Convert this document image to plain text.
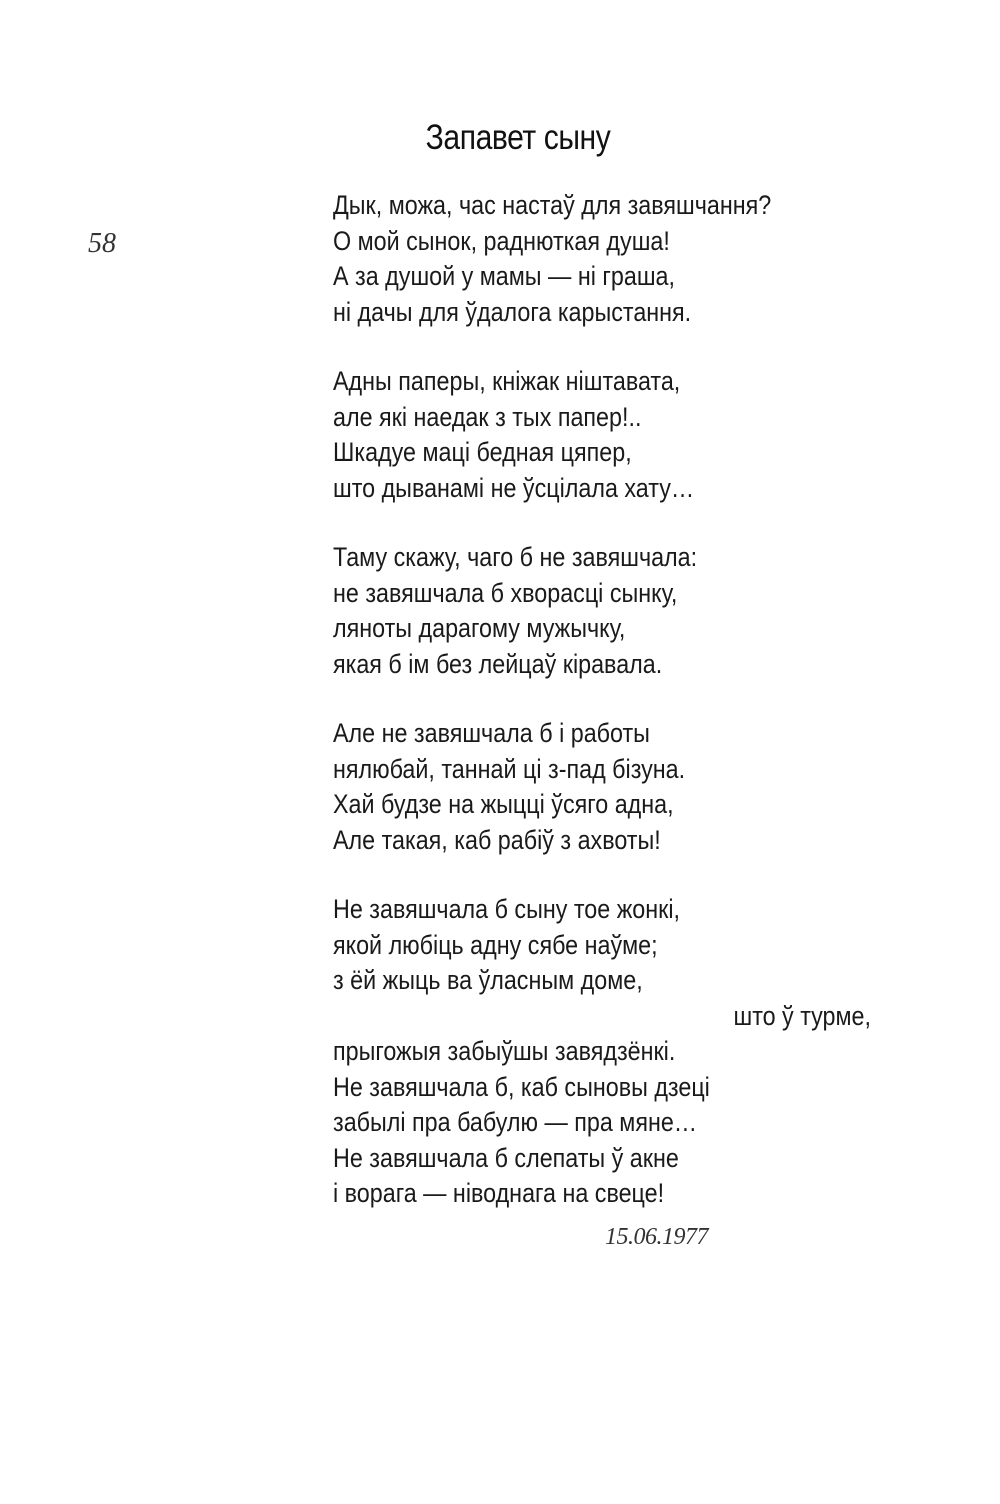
58
Запавет сыну
Дык, можа, час настаў для завяшчання?
О мой сынок, раднюткая душа!
А за душой у мамы — ні граша,
ні дачы для ўдалога карыстання.
Адны паперы, кніжак ніштавата,
але які наедак з тых папер!..
Шкадуе маці бедная цяпер,
што дыванамі не ўсцілала хату…
Таму скажу, чаго б не завяшчала:
не завяшчала б хворасці сынку,
ляноты дарагому мужычку,
якая б ім без лейцаў кіравала.
Але не завяшчала б і работы
нялюбай, таннай ці з-пад бізуна.
Хай будзе на жыцці ўсяго адна,
Але такая, каб рабіў з ахвоты!
Не завяшчала б сыну тое жонкі,
якой любіць адну сябе наўме;
з ёй жыць ва ўласным доме,
што ў турме,
прыгожыя забыўшы завядзёнкі.
Не завяшчала б, каб сыновы дзеці
забылі пра бабулю — пра мяне…
Не завяшчала б слепаты ў акне
і ворага — ніводнага на свеце!
15.06.1977
